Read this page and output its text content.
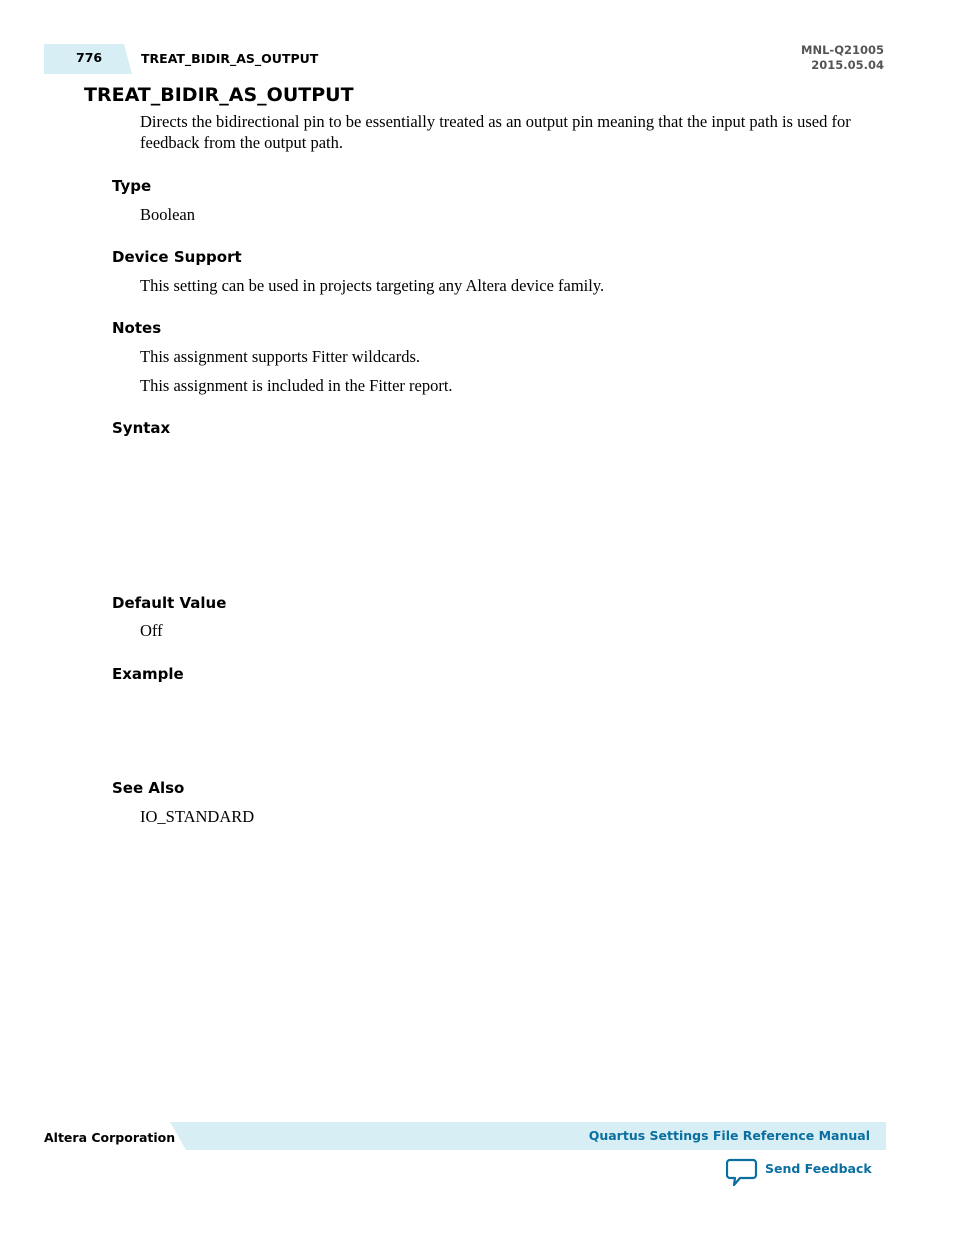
776	TREAT_BIDIR_AS_OUTPUT
MNL-Q21005
2015.05.04
TREAT_BIDIR_AS_OUTPUT

Directs the bidirectional pin to be essentially treated as an output pin meaning that the input path is used for feedback from the output path.

Type

Boolean

Device Support

This setting can be used in projects targeting any Altera device family.

Notes

This assignment supports Fitter wildcards.

This assignment is included in the Fitter report.

Syntax
Default Value

Off

Example
See Also

IO_STANDARD

Altera Corporation	Quartus Settings File Reference Manual
Send Feedback
